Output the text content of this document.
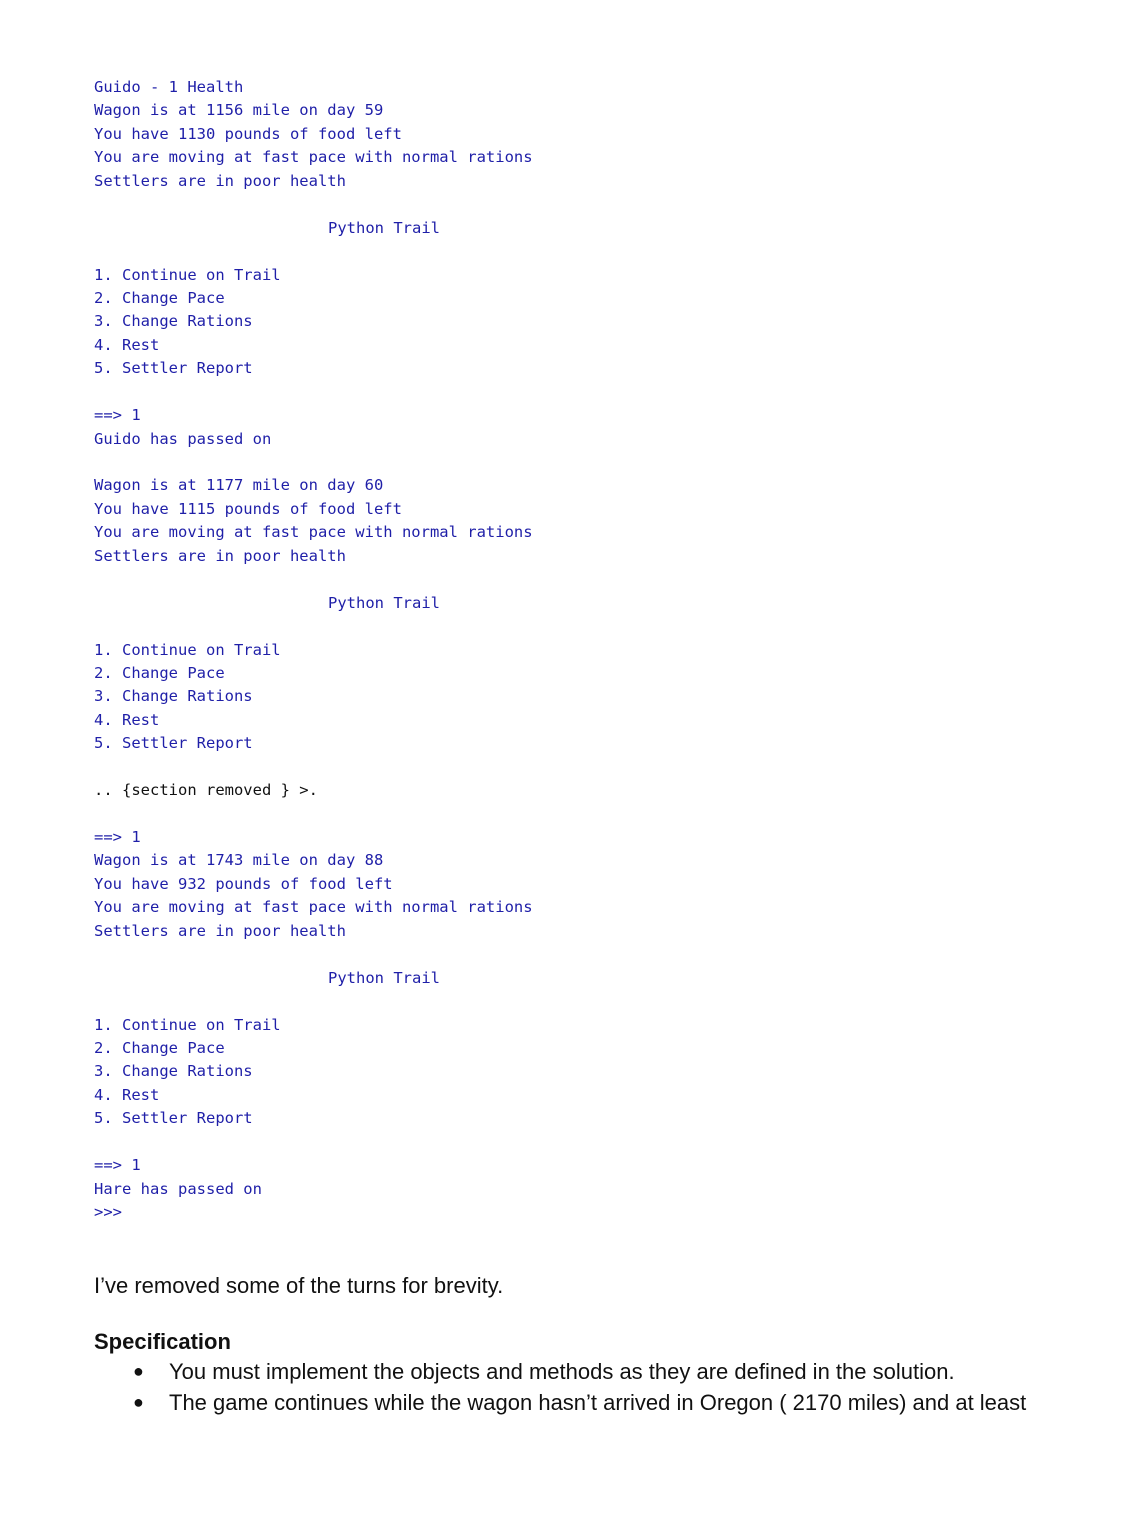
Guido - 1 Health
Wagon is at 1156 mile on day 59
You have 1130 pounds of food left
You are moving at fast pace with normal rations
Settlers are in poor health
Python Trail
1. Continue on Trail
2. Change Pace
3. Change Rations
4. Rest
5. Settler Report
==> 1
Guido has passed on
Wagon is at 1177 mile on day 60
You have 1115 pounds of food left
You are moving at fast pace with normal rations
Settlers are in poor health
Python Trail
1. Continue on Trail
2. Change Pace
3. Change Rations
4. Rest
5. Settler Report
.. {section removed } >.
==> 1
Wagon is at 1743 mile on day 88
You have 932 pounds of food left
You are moving at fast pace with normal rations
Settlers are in poor health
Python Trail
1. Continue on Trail
2. Change Pace
3. Change Rations
4. Rest
5. Settler Report
==> 1
Hare has passed on
>>>

I’ve removed some of the turns for brevity.

Specification
● You must implement the objects and methods as they are defined in the solution.
● The game continues while the wagon hasn’t arrived in Oregon ( 2170 miles) and at least
